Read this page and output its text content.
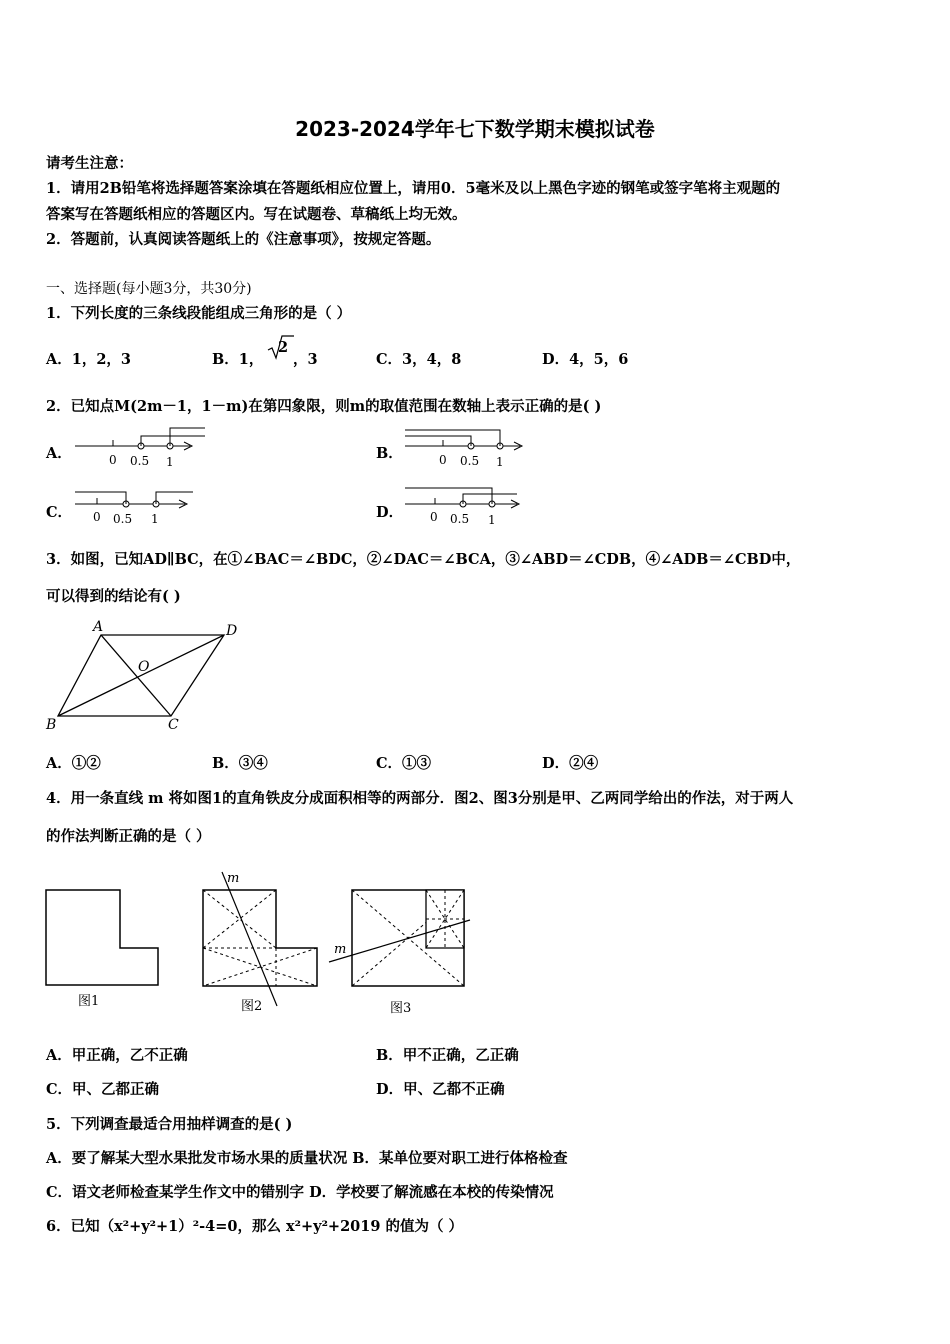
2023-2024学年七下数学期末模拟试卷
请考生注意：
1．请用2B铅笔将选择题答案涂填在答题纸相应位置上，请用0．5毫米及以上黑色字迹的钢笔或签字笔将主观题的
答案写在答题纸相应的答题区内。写在试题卷、草稿纸上均无效。
2．答题前，认真阅读答题纸上的《注意事项》，按规定答题。
一、选择题(每小题3分，共30分)
1．下列长度的三条线段能组成三角形的是（ ）
A．1，2，3	B．1，
2
，3	C．3，4，8	D．4，5，6
2．已知点M(2m－1，1－m)在第四象限，则m的取值范围在数轴上表示正确的是( )
A．	0 0.5 1	B．	0 0.5 1
C． 0 0.5 1	D． 0 0.5 1
3．如图，已知AD∥BC，在①∠BAC＝∠BDC，②∠DAC＝∠BCA，③∠ABD＝∠CDB，④∠ADB＝∠CBD中，
可以得到的结论有( )
A	D
O
B	C
A．①②	B．③④	C．①③	D．②④
4．用一条直线 m 将如图1的直角铁皮分成面积相等的两部分．图2、图3分别是甲、乙两同学给出的作法，对于两人
的作法判断正确的是（ ）
图1
m
图2
m
图3
A．甲正确，乙不正确	B．甲不正确，乙正确
C．甲、乙都正确	D．甲、乙都不正确
5．下列调查最适合用抽样调查的是( )
A．要了解某大型水果批发市场水果的质量状况 B．某单位要对职工进行体格检查
C．语文老师检查某学生作文中的错别字 D．学校要了解流感在本校的传染情况
6．已知（x²+y²+1）²-4=0，那么 x²+y²+2019 的值为（ ）
